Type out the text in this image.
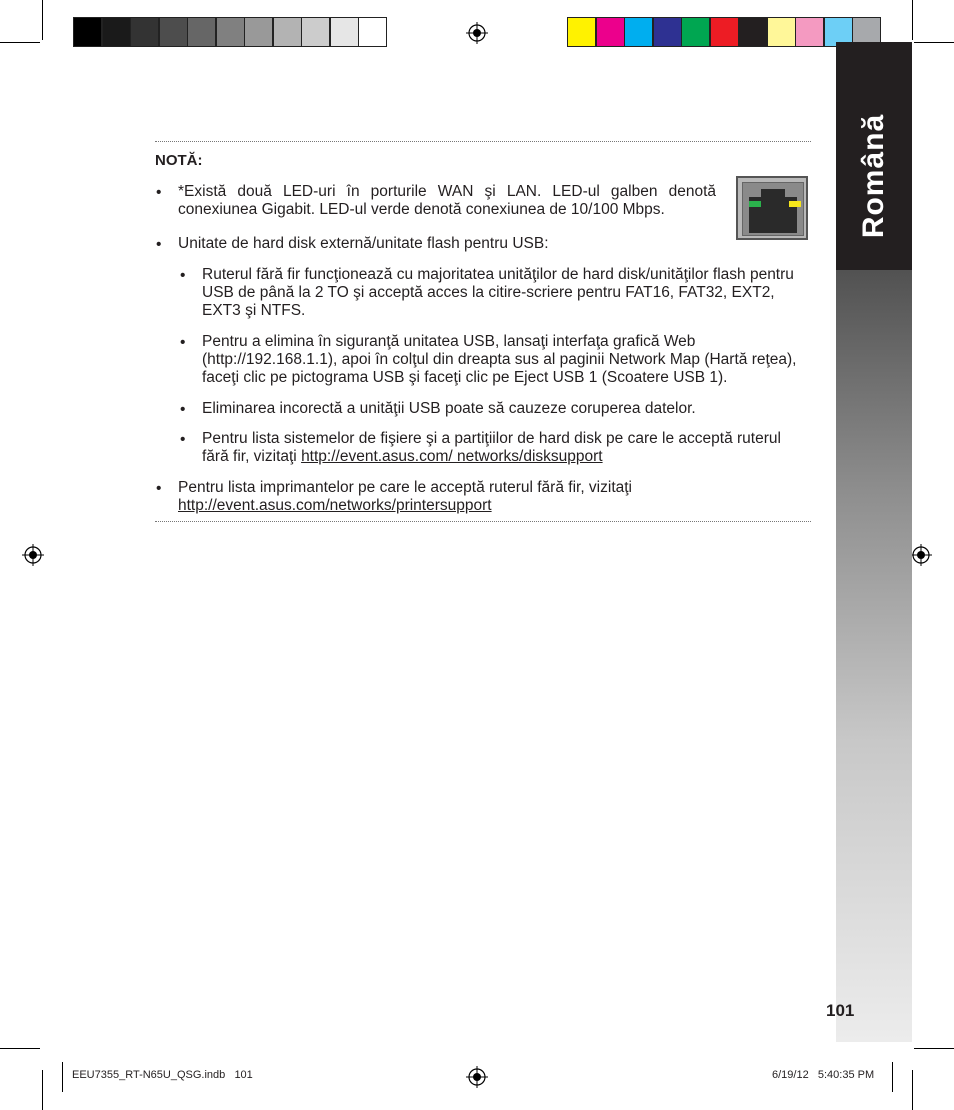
Română
NOTĂ:
• *Există două LED-uri în porturile WAN şi LAN. LED-ul galben denotă conexiunea Gigabit. LED-ul verde denotă conexiunea de 10/100 Mbps.
• Unitate de hard disk externă/unitate flash pentru USB:
• Ruterul fără fir funcţionează cu majoritatea unităţilor de hard disk/unităţilor flash pentru USB de până la 2 TO şi acceptă acces la citire-scriere pentru FAT16, FAT32, EXT2, EXT3 şi NTFS.
• Pentru a elimina în siguranţă unitatea USB, lansaţi interfaţa grafică Web (http://192.168.1.1), apoi în colţul din dreapta sus al paginii Network Map (Hartă reţea), faceţi clic pe pictograma USB şi faceţi clic pe Eject USB 1 (Scoatere USB 1).
• Eliminarea incorectă a unităţii USB poate să cauzeze coruperea datelor.
• Pentru lista sistemelor de fişiere şi a partiţiilor de hard disk pe care le acceptă ruterul fără fir, vizitaţi http://event.asus.com/ networks/disksupport
• Pentru lista imprimantelor pe care le acceptă ruterul fără fir, vizitaţi
http://event.asus.com/networks/printersupport
101
EEU7355_RT-N65U_QSG.indb   101	6/19/12   5:40:35 PM
